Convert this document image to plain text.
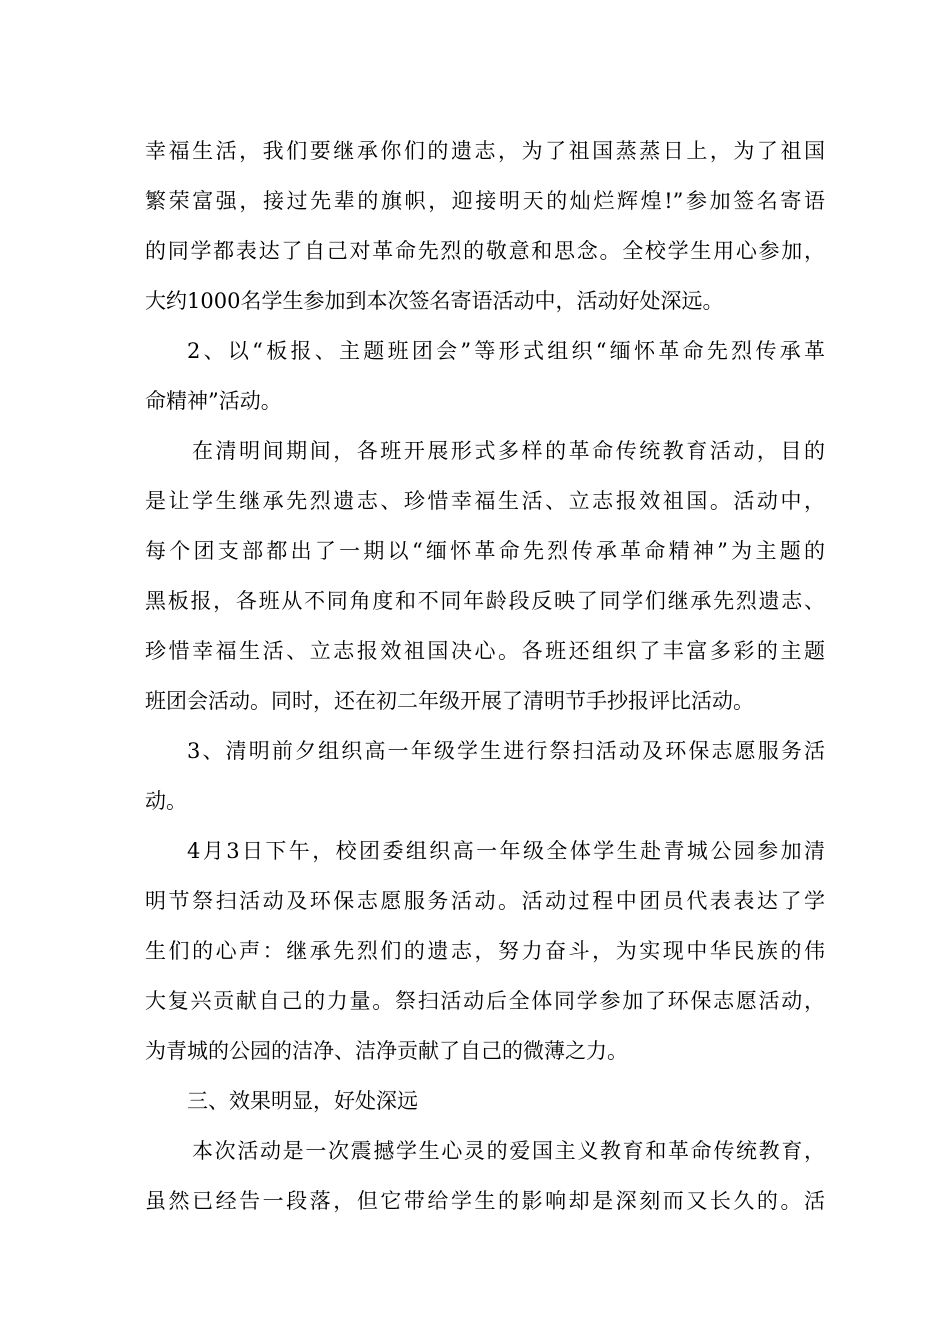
幸福生活，我们要继承你们的遗志，为了祖国蒸蒸日上，为了祖国
繁荣富强，接过先辈的旗帜，迎接明天的灿烂辉煌!”参加签名寄语
的同学都表达了自己对革命先烈的敬意和思念。全校学生用心参加，
大约1000名学生参加到本次签名寄语活动中，活动好处深远。
2、以“板报、主题班团会”等形式组织“缅怀革命先烈传承革
命精神”活动。
在清明间期间，各班开展形式多样的革命传统教育活动，目的
是让学生继承先烈遗志、珍惜幸福生活、立志报效祖国。活动中，
每个团支部都出了一期以“缅怀革命先烈传承革命精神”为主题的
黑板报，各班从不同角度和不同年龄段反映了同学们继承先烈遗志、
珍惜幸福生活、立志报效祖国决心。各班还组织了丰富多彩的主题
班团会活动。同时，还在初二年级开展了清明节手抄报评比活动。
3、清明前夕组织高一年级学生进行祭扫活动及环保志愿服务活
动。
4月3日下午，校团委组织高一年级全体学生赴青城公园参加清
明节祭扫活动及环保志愿服务活动。活动过程中团员代表表达了学
生们的心声：继承先烈们的遗志，努力奋斗，为实现中华民族的伟
大复兴贡献自己的力量。祭扫活动后全体同学参加了环保志愿活动，
为青城的公园的洁净、洁净贡献了自己的微薄之力。
三、效果明显，好处深远
本次活动是一次震撼学生心灵的爱国主义教育和革命传统教育，
虽然已经告一段落，但它带给学生的影响却是深刻而又长久的。活
